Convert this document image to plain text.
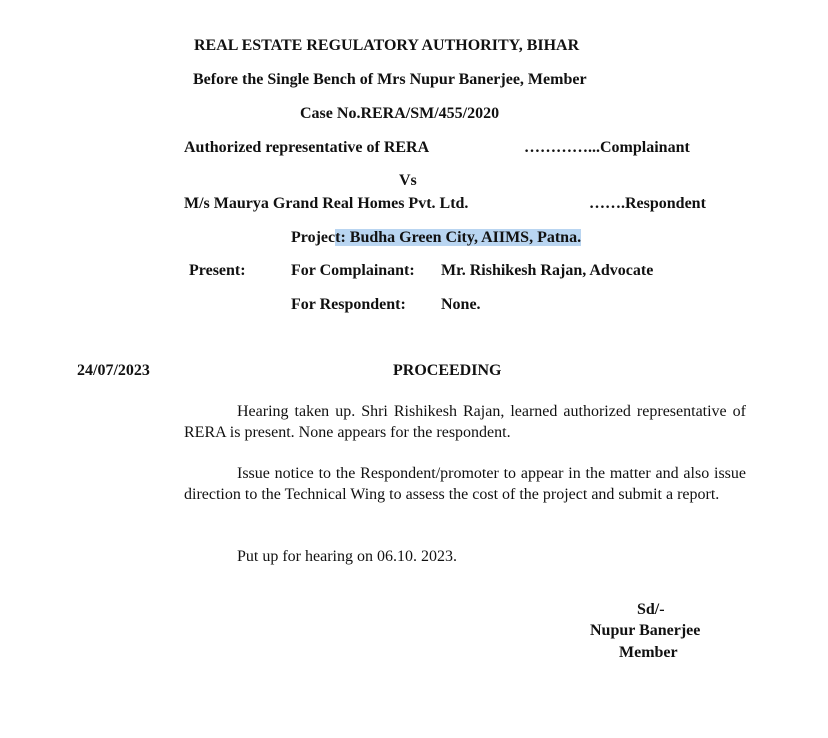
REAL ESTATE REGULATORY AUTHORITY, BIHAR
Before the Single Bench of Mrs Nupur Banerjee, Member
Case No.RERA/SM/455/2020
Authorized representative of RERA	…………...Complainant
Vs
M/s Maurya Grand Real Homes Pvt. Ltd.	…….Respondent
Project: Budha Green City, AIIMS, Patna.
Present:	For Complainant: Mr. Rishikesh Rajan, Advocate
For Respondent: None.
24/07/2023	PROCEEDING
Hearing taken up. Shri Rishikesh Rajan, learned authorized representative of RERA is present. None appears for the respondent.
Issue notice to the Respondent/promoter to appear in the matter and also issue direction to the Technical Wing to assess the cost of the project and submit a report.
Put up for hearing on 06.10. 2023.
Sd/-
Nupur Banerjee
Member
